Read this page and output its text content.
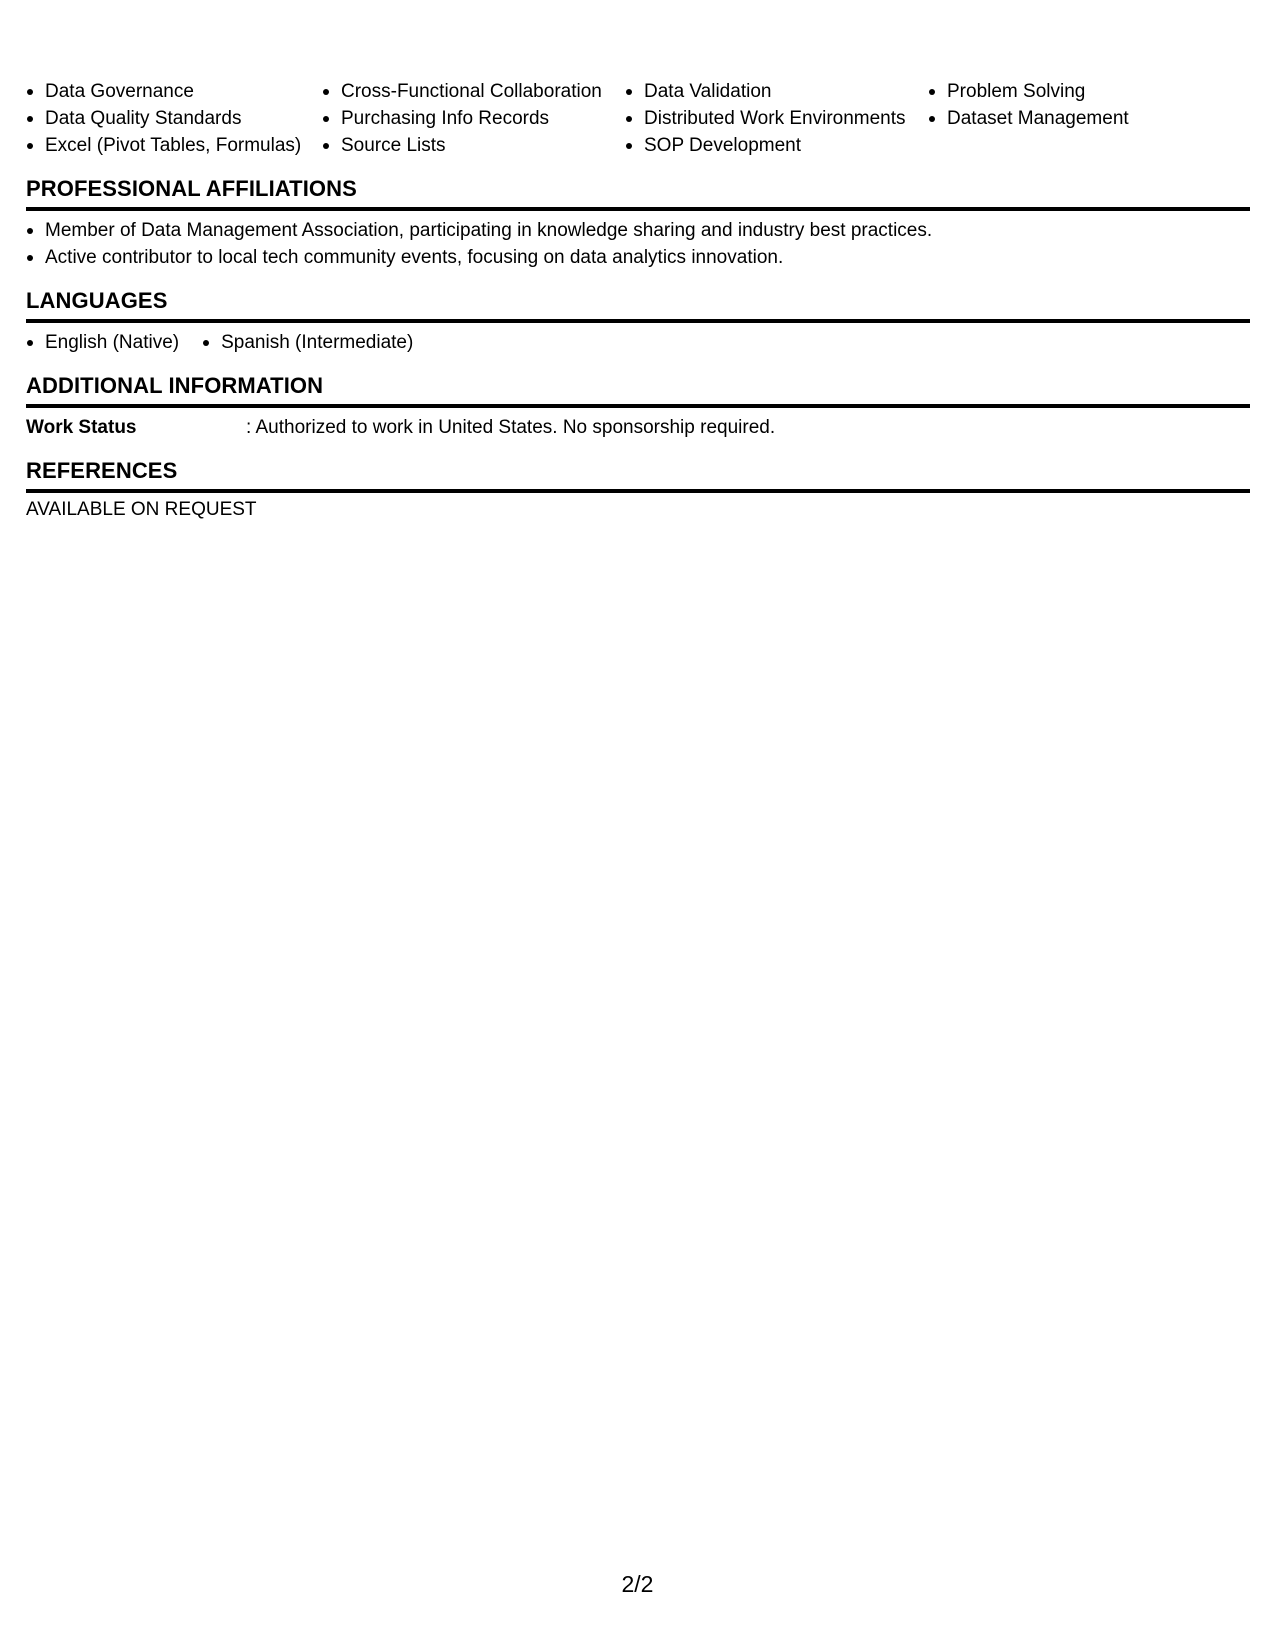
Data Governance
Data Quality Standards
Excel (Pivot Tables, Formulas)
Cross-Functional Collaboration
Purchasing Info Records
Source Lists
Data Validation
Distributed Work Environments
SOP Development
Problem Solving
Dataset Management
PROFESSIONAL AFFILIATIONS
Member of Data Management Association, participating in knowledge sharing and industry best practices.
Active contributor to local tech community events, focusing on data analytics innovation.
LANGUAGES
English (Native)	Spanish (Intermediate)
ADDITIONAL INFORMATION
Work Status	: Authorized to work in United States. No sponsorship required.
REFERENCES
AVAILABLE ON REQUEST
2/2
